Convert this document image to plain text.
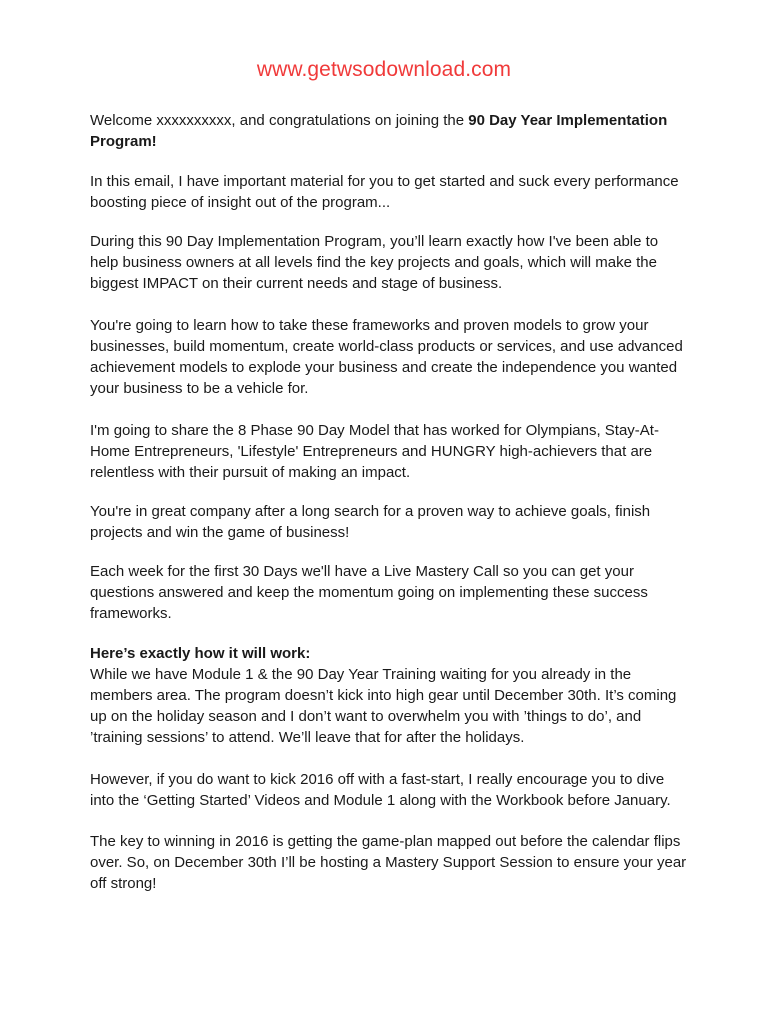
www.getwsodownload.com

Welcome xxxxxxxxxx, and congratulations on joining the 90 Day Year Implementation Program!

In this email, I have important material for you to get started and suck every performance boosting piece of insight out of the program...

During this 90 Day Implementation Program, you’ll learn exactly how I've been able to help business owners at all levels find the key projects and goals, which will make the biggest IMPACT on their current needs and stage of business.

You're going to learn how to take these frameworks and proven models to grow your businesses, build momentum, create world-class products or services, and use advanced achievement models to explode your business and create the independence you wanted your business to be a vehicle for.

I'm going to share the 8 Phase 90 Day Model that has worked for Olympians, Stay-At-Home Entrepreneurs, 'Lifestyle' Entrepreneurs and HUNGRY high-achievers that are relentless with their pursuit of making an impact.

You're in great company after a long search for a proven way to achieve goals, finish projects and win the game of business!

Each week for the first 30 Days we'll have a Live Mastery Call so you can get your questions answered and keep the momentum going on implementing these success frameworks.

Here’s exactly how it will work:

While we have Module 1 & the 90 Day Year Training waiting for you already in the members area. The program doesn’t kick into high gear until December 30th. It’s coming up on the holiday season and I don’t want to overwhelm you with ’things to do’, and ’training sessions’ to attend. We’ll leave that for after the holidays.

However, if you do want to kick 2016 off with a fast-start, I really encourage you to dive into the ‘Getting Started’ Videos and Module 1 along with the Workbook before January.

The key to winning in 2016 is getting the game-plan mapped out before the calendar flips over. So, on December 30th I’ll be hosting a Mastery Support Session to ensure your year off strong!
